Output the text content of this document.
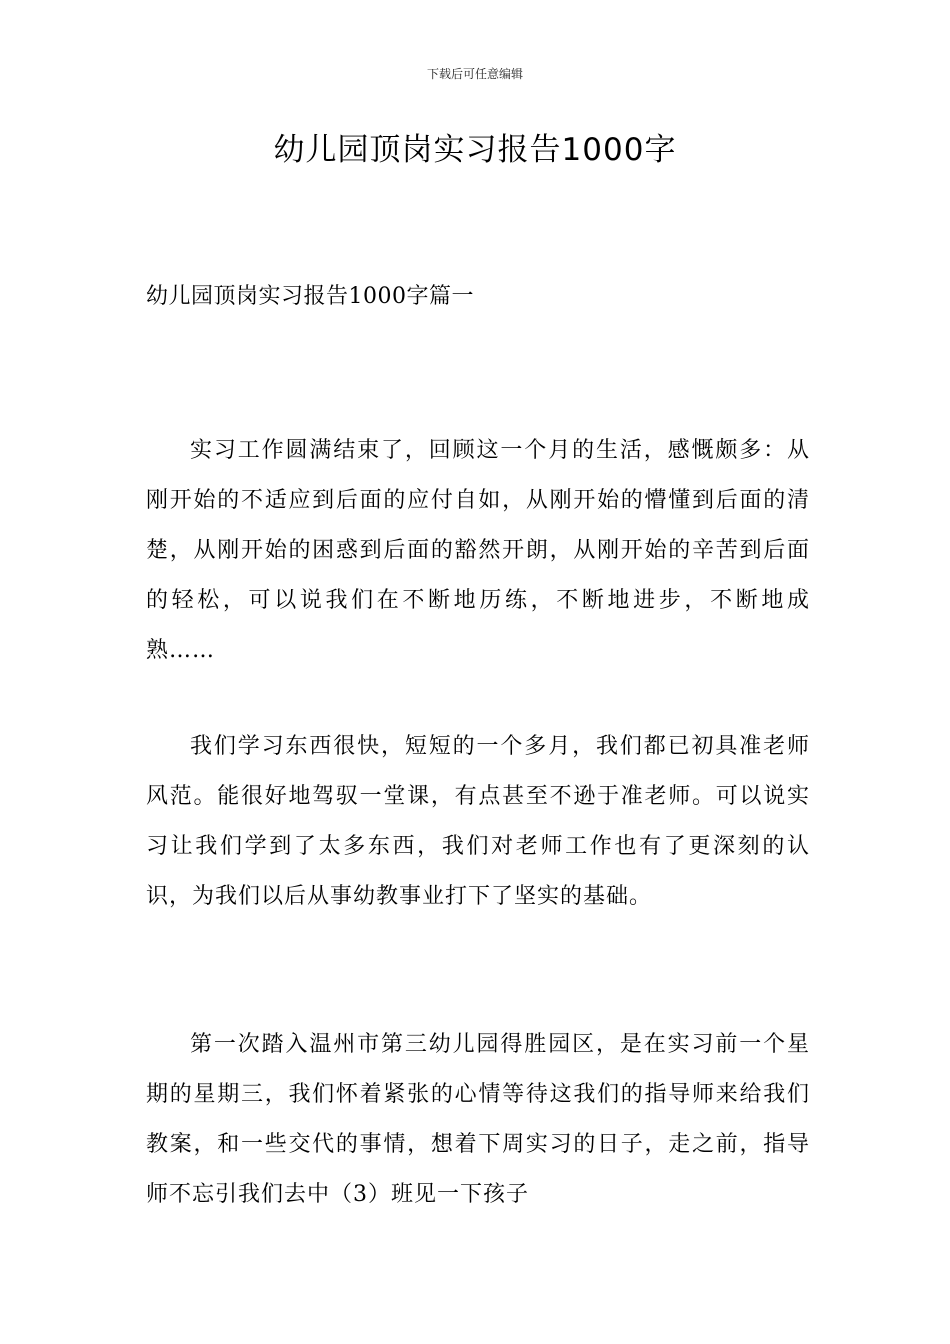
下载后可任意编辑
幼儿园顶岗实习报告1000字
幼儿园顶岗实习报告1000字篇一

实习工作圆满结束了，回顾这一个月的生活，感慨颇多：从刚开始的不适应到后面的应付自如，从刚开始的懵懂到后面的清楚，从刚开始的困惑到后面的豁然开朗，从刚开始的辛苦到后面的轻松，可以说我们在不断地历练，不断地进步，不断地成熟……

我们学习东西很快，短短的一个多月，我们都已初具准老师风范。能很好地驾驭一堂课，有点甚至不逊于准老师。可以说实习让我们学到了太多东西，我们对老师工作也有了更深刻的认识，为我们以后从事幼教事业打下了坚实的基础。

第一次踏入温州市第三幼儿园得胜园区，是在实习前一个星期的星期三，我们怀着紧张的心情等待这我们的指导师来给我们教案，和一些交代的事情，想着下周实习的日子，走之前，指导师不忘引我们去中（3）班见一下孩子
